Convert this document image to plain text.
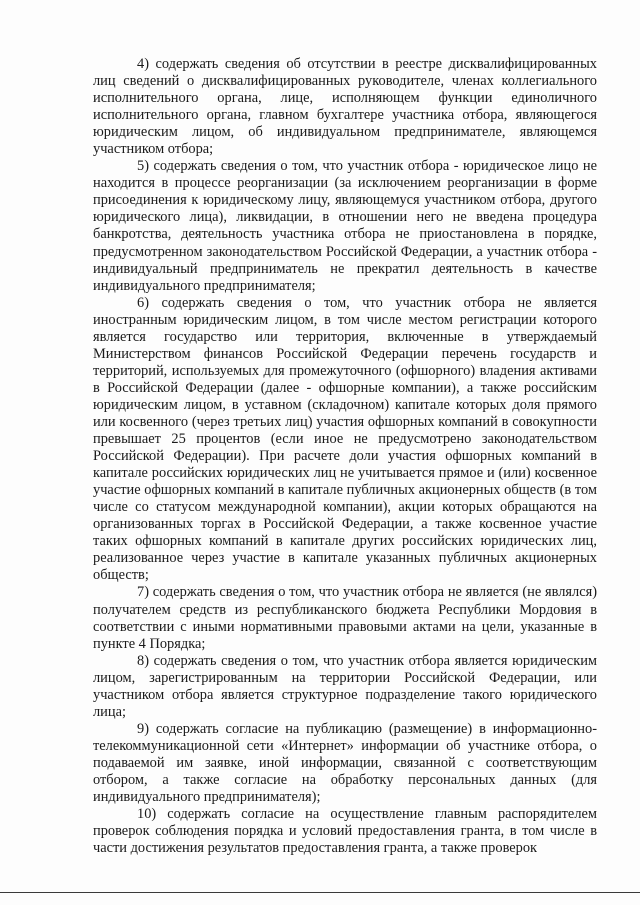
4) содержать сведения об отсутствии в реестре дисквалифицированных лиц сведений о дисквалифицированных руководителе, членах коллегиального исполнительного органа, лице, исполняющем функции единоличного исполнительного органа, главном бухгалтере участника отбора, являющегося юридическим лицом, об индивидуальном предпринимателе, являющемся участником отбора;

5) содержать сведения о том, что участник отбора - юридическое лицо не находится в процессе реорганизации (за исключением реорганизации в форме присоединения к юридическому лицу, являющемуся участником отбора, другого юридического лица), ликвидации, в отношении него не введена процедура банкротства, деятельность участника отбора не приостановлена в порядке, предусмотренном законодательством Российской Федерации, а участник отбора - индивидуальный предприниматель не прекратил деятельность в качестве индивидуального предпринимателя;

6) содержать сведения о том, что участник отбора не является иностранным юридическим лицом, в том числе местом регистрации которого является государство или территория, включенные в утверждаемый Министерством финансов Российской Федерации перечень государств и территорий, используемых для промежуточного (офшорного) владения активами в Российской Федерации (далее - офшорные компании), а также российским юридическим лицом, в уставном (складочном) капитале которых доля прямого или косвенного (через третьих лиц) участия офшорных компаний в совокупности превышает 25 процентов (если иное не предусмотрено законодательством Российской Федерации). При расчете доли участия офшорных компаний в капитале российских юридических лиц не учитывается прямое и (или) косвенное участие офшорных компаний в капитале публичных акционерных обществ (в том числе со статусом международной компании), акции которых обращаются на организованных торгах в Российской Федерации, а также косвенное участие таких офшорных компаний в капитале других российских юридических лиц, реализованное через участие в капитале указанных публичных акционерных обществ;

7) содержать сведения о том, что участник отбора не является (не являлся) получателем средств из республиканского бюджета Республики Мордовия в соответствии с иными нормативными правовыми актами на цели, указанные в пункте 4 Порядка;

8) содержать сведения о том, что участник отбора является юридическим лицом, зарегистрированным на территории Российской Федерации, или участником отбора является структурное подразделение такого юридического лица;

9) содержать согласие на публикацию (размещение) в информационно-телекоммуникационной сети «Интернет» информации об участнике отбора, о подаваемой им заявке, иной информации, связанной с соответствующим отбором, а также согласие на обработку персональных данных (для индивидуального предпринимателя);

10) содержать согласие на осуществление главным распорядителем проверок соблюдения порядка и условий предоставления гранта, в том числе в части достижения результатов предоставления гранта, а также проверок
